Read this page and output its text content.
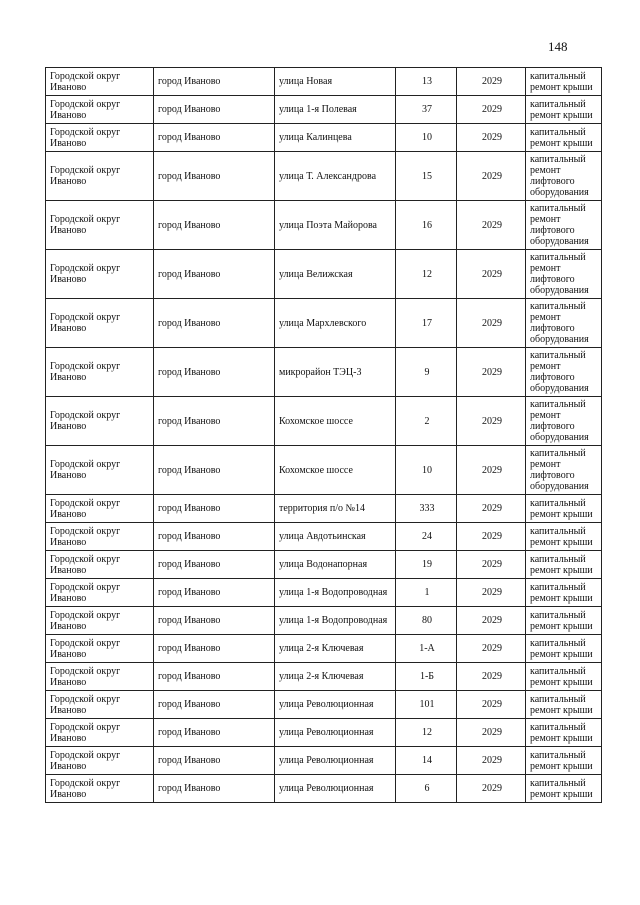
148
Городской округ Иваново	город Иваново	улица Новая	13	2029	капитальный ремонт крыши
Городской округ Иваново	город Иваново	улица 1-я Полевая	37	2029	капитальный ремонт крыши
Городской округ Иваново	город Иваново	улица Калинцева	10	2029	капитальный ремонт крыши
Городской округ Иваново	город Иваново	улица Т. Александрова	15	2029	капитальный ремонт лифтового оборудования
Городской округ Иваново	город Иваново	улица Поэта Майорова	16	2029	капитальный ремонт лифтового оборудования
Городской округ Иваново	город Иваново	улица Велижская	12	2029	капитальный ремонт лифтового оборудования
Городской округ Иваново	город Иваново	улица Мархлевского	17	2029	капитальный ремонт лифтового оборудования
Городской округ Иваново	город Иваново	микрорайон ТЭЦ-3	9	2029	капитальный ремонт лифтового оборудования
Городской округ Иваново	город Иваново	Кохомское шоссе	2	2029	капитальный ремонт лифтового оборудования
Городской округ Иваново	город Иваново	Кохомское шоссе	10	2029	капитальный ремонт лифтового оборудования
Городской округ Иваново	город Иваново	территория п/о №14	333	2029	капитальный ремонт крыши
Городской округ Иваново	город Иваново	улица Авдотьинская	24	2029	капитальный ремонт крыши
Городской округ Иваново	город Иваново	улица Водонапорная	19	2029	капитальный ремонт крыши
Городской округ Иваново	город Иваново	улица 1-я Водопроводная	1	2029	капитальный ремонт крыши
Городской округ Иваново	город Иваново	улица 1-я Водопроводная	80	2029	капитальный ремонт крыши
Городской округ Иваново	город Иваново	улица 2-я Ключевая	1-А	2029	капитальный ремонт крыши
Городской округ Иваново	город Иваново	улица 2-я Ключевая	1-Б	2029	капитальный ремонт крыши
Городской округ Иваново	город Иваново	улица Революционная	101	2029	капитальный ремонт крыши
Городской округ Иваново	город Иваново	улица Революционная	12	2029	капитальный ремонт крыши
Городской округ Иваново	город Иваново	улица Революционная	14	2029	капитальный ремонт крыши
Городской округ Иваново	город Иваново	улица Революционная	6	2029	капитальный ремонт крыши
